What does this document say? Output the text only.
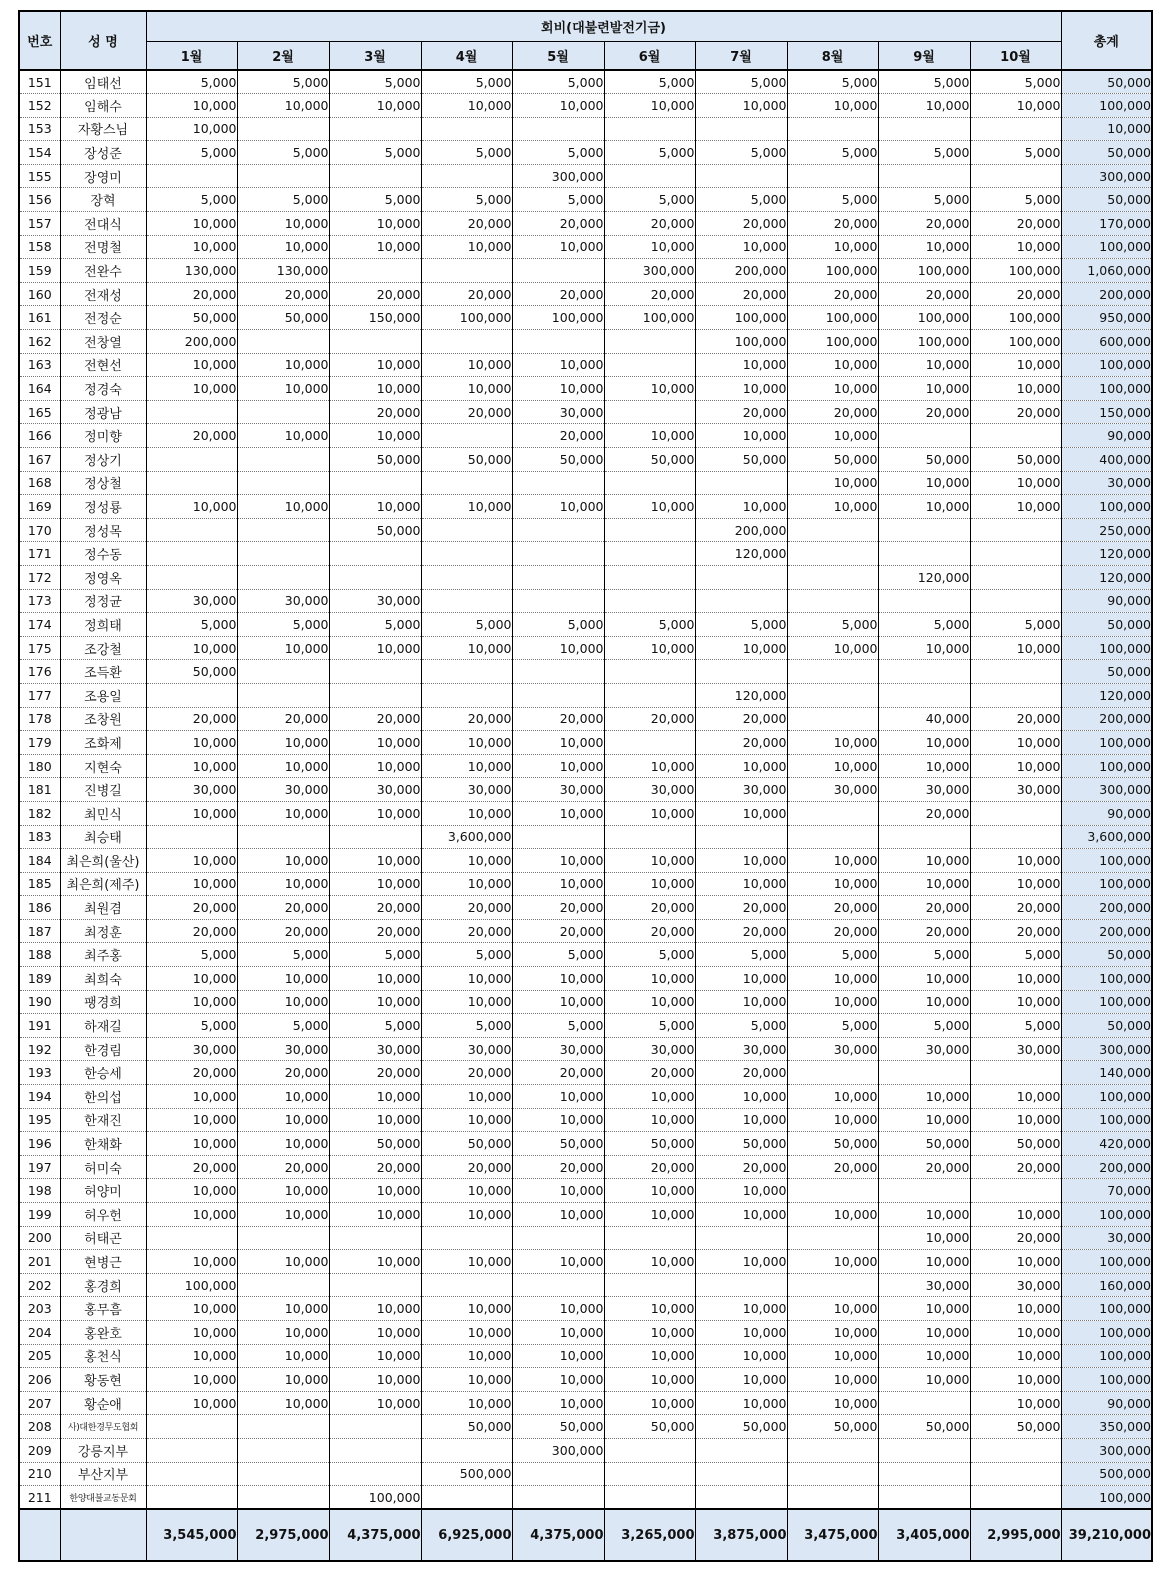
번호	성 명	회비(대불련발전기금)										총계
		1월	2월	3월	4월	5월	6월	7월	8월	9월	10월	
151	임태선	5,000	5,000	5,000	5,000	5,000	5,000	5,000	5,000	5,000	5,000	50,000
152	임해수	10,000	10,000	10,000	10,000	10,000	10,000	10,000	10,000	10,000	10,000	100,000
153	자황스님	10,000										10,000
154	장성준	5,000	5,000	5,000	5,000	5,000	5,000	5,000	5,000	5,000	5,000	50,000
155	장영미					300,000						300,000
156	장혁	5,000	5,000	5,000	5,000	5,000	5,000	5,000	5,000	5,000	5,000	50,000
157	전대식	10,000	10,000	10,000	20,000	20,000	20,000	20,000	20,000	20,000	20,000	170,000
158	전명철	10,000	10,000	10,000	10,000	10,000	10,000	10,000	10,000	10,000	10,000	100,000
159	전완수	130,000	130,000				300,000	200,000	100,000	100,000	100,000	1,060,000
160	전재성	20,000	20,000	20,000	20,000	20,000	20,000	20,000	20,000	20,000	20,000	200,000
161	전정순	50,000	50,000	150,000	100,000	100,000	100,000	100,000	100,000	100,000	100,000	950,000
162	전창열	200,000						100,000	100,000	100,000	100,000	600,000
163	전현선	10,000	10,000	10,000	10,000	10,000		10,000	10,000	10,000	10,000	100,000
164	정경숙	10,000	10,000	10,000	10,000	10,000	10,000	10,000	10,000	10,000	10,000	100,000
165	정광남			20,000	20,000	30,000		20,000	20,000	20,000	20,000	150,000
166	정미향	20,000	10,000	10,000		20,000	10,000	10,000	10,000			90,000
167	정상기			50,000	50,000	50,000	50,000	50,000	50,000	50,000	50,000	400,000
168	정상철								10,000	10,000	10,000	30,000
169	정성룡	10,000	10,000	10,000	10,000	10,000	10,000	10,000	10,000	10,000	10,000	100,000
170	정성목			50,000				200,000				250,000
171	정수동							120,000				120,000
172	정영옥									120,000		120,000
173	정정균	30,000	30,000	30,000								90,000
174	정희태	5,000	5,000	5,000	5,000	5,000	5,000	5,000	5,000	5,000	5,000	50,000
175	조강철	10,000	10,000	10,000	10,000	10,000	10,000	10,000	10,000	10,000	10,000	100,000
176	조득환	50,000										50,000
177	조용일							120,000				120,000
178	조창원	20,000	20,000	20,000	20,000	20,000	20,000	20,000		40,000	20,000	200,000
179	조화제	10,000	10,000	10,000	10,000	10,000		20,000	10,000	10,000	10,000	100,000
180	지현숙	10,000	10,000	10,000	10,000	10,000	10,000	10,000	10,000	10,000	10,000	100,000
181	진병길	30,000	30,000	30,000	30,000	30,000	30,000	30,000	30,000	30,000	30,000	300,000
182	최민식	10,000	10,000	10,000	10,000	10,000	10,000	10,000		20,000		90,000
183	최승태				3,600,000							3,600,000
184	최은희(울산)	10,000	10,000	10,000	10,000	10,000	10,000	10,000	10,000	10,000	10,000	100,000
185	최은희(제주)	10,000	10,000	10,000	10,000	10,000	10,000	10,000	10,000	10,000	10,000	100,000
186	최원겸	20,000	20,000	20,000	20,000	20,000	20,000	20,000	20,000	20,000	20,000	200,000
187	최정훈	20,000	20,000	20,000	20,000	20,000	20,000	20,000	20,000	20,000	20,000	200,000
188	최주홍	5,000	5,000	5,000	5,000	5,000	5,000	5,000	5,000	5,000	5,000	50,000
189	최희숙	10,000	10,000	10,000	10,000	10,000	10,000	10,000	10,000	10,000	10,000	100,000
190	팽경희	10,000	10,000	10,000	10,000	10,000	10,000	10,000	10,000	10,000	10,000	100,000
191	하재길	5,000	5,000	5,000	5,000	5,000	5,000	5,000	5,000	5,000	5,000	50,000
192	한경림	30,000	30,000	30,000	30,000	30,000	30,000	30,000	30,000	30,000	30,000	300,000
193	한승세	20,000	20,000	20,000	20,000	20,000	20,000	20,000				140,000
194	한의섭	10,000	10,000	10,000	10,000	10,000	10,000	10,000	10,000	10,000	10,000	100,000
195	한재진	10,000	10,000	10,000	10,000	10,000	10,000	10,000	10,000	10,000	10,000	100,000
196	한채화	10,000	10,000	50,000	50,000	50,000	50,000	50,000	50,000	50,000	50,000	420,000
197	허미숙	20,000	20,000	20,000	20,000	20,000	20,000	20,000	20,000	20,000	20,000	200,000
198	허양미	10,000	10,000	10,000	10,000	10,000	10,000	10,000				70,000
199	허우헌	10,000	10,000	10,000	10,000	10,000	10,000	10,000	10,000	10,000	10,000	100,000
200	허태곤									10,000	20,000	30,000
201	현병근	10,000	10,000	10,000	10,000	10,000	10,000	10,000	10,000	10,000	10,000	100,000
202	홍경희	100,000								30,000	30,000	160,000
203	홍무흠	10,000	10,000	10,000	10,000	10,000	10,000	10,000	10,000	10,000	10,000	100,000
204	홍완호	10,000	10,000	10,000	10,000	10,000	10,000	10,000	10,000	10,000	10,000	100,000
205	홍천식	10,000	10,000	10,000	10,000	10,000	10,000	10,000	10,000	10,000	10,000	100,000
206	황동현	10,000	10,000	10,000	10,000	10,000	10,000	10,000	10,000	10,000	10,000	100,000
207	황순애	10,000	10,000	10,000	10,000	10,000	10,000	10,000	10,000		10,000	90,000
208	사)대한경무도협회				50,000	50,000	50,000	50,000	50,000	50,000	50,000	350,000
209	강릉지부					300,000						300,000
210	부산지부				500,000							500,000
211	한양대불교동문회			100,000								100,000
		3,545,000	2,975,000	4,375,000	6,925,000	4,375,000	3,265,000	3,875,000	3,475,000	3,405,000	2,995,000	39,210,000
